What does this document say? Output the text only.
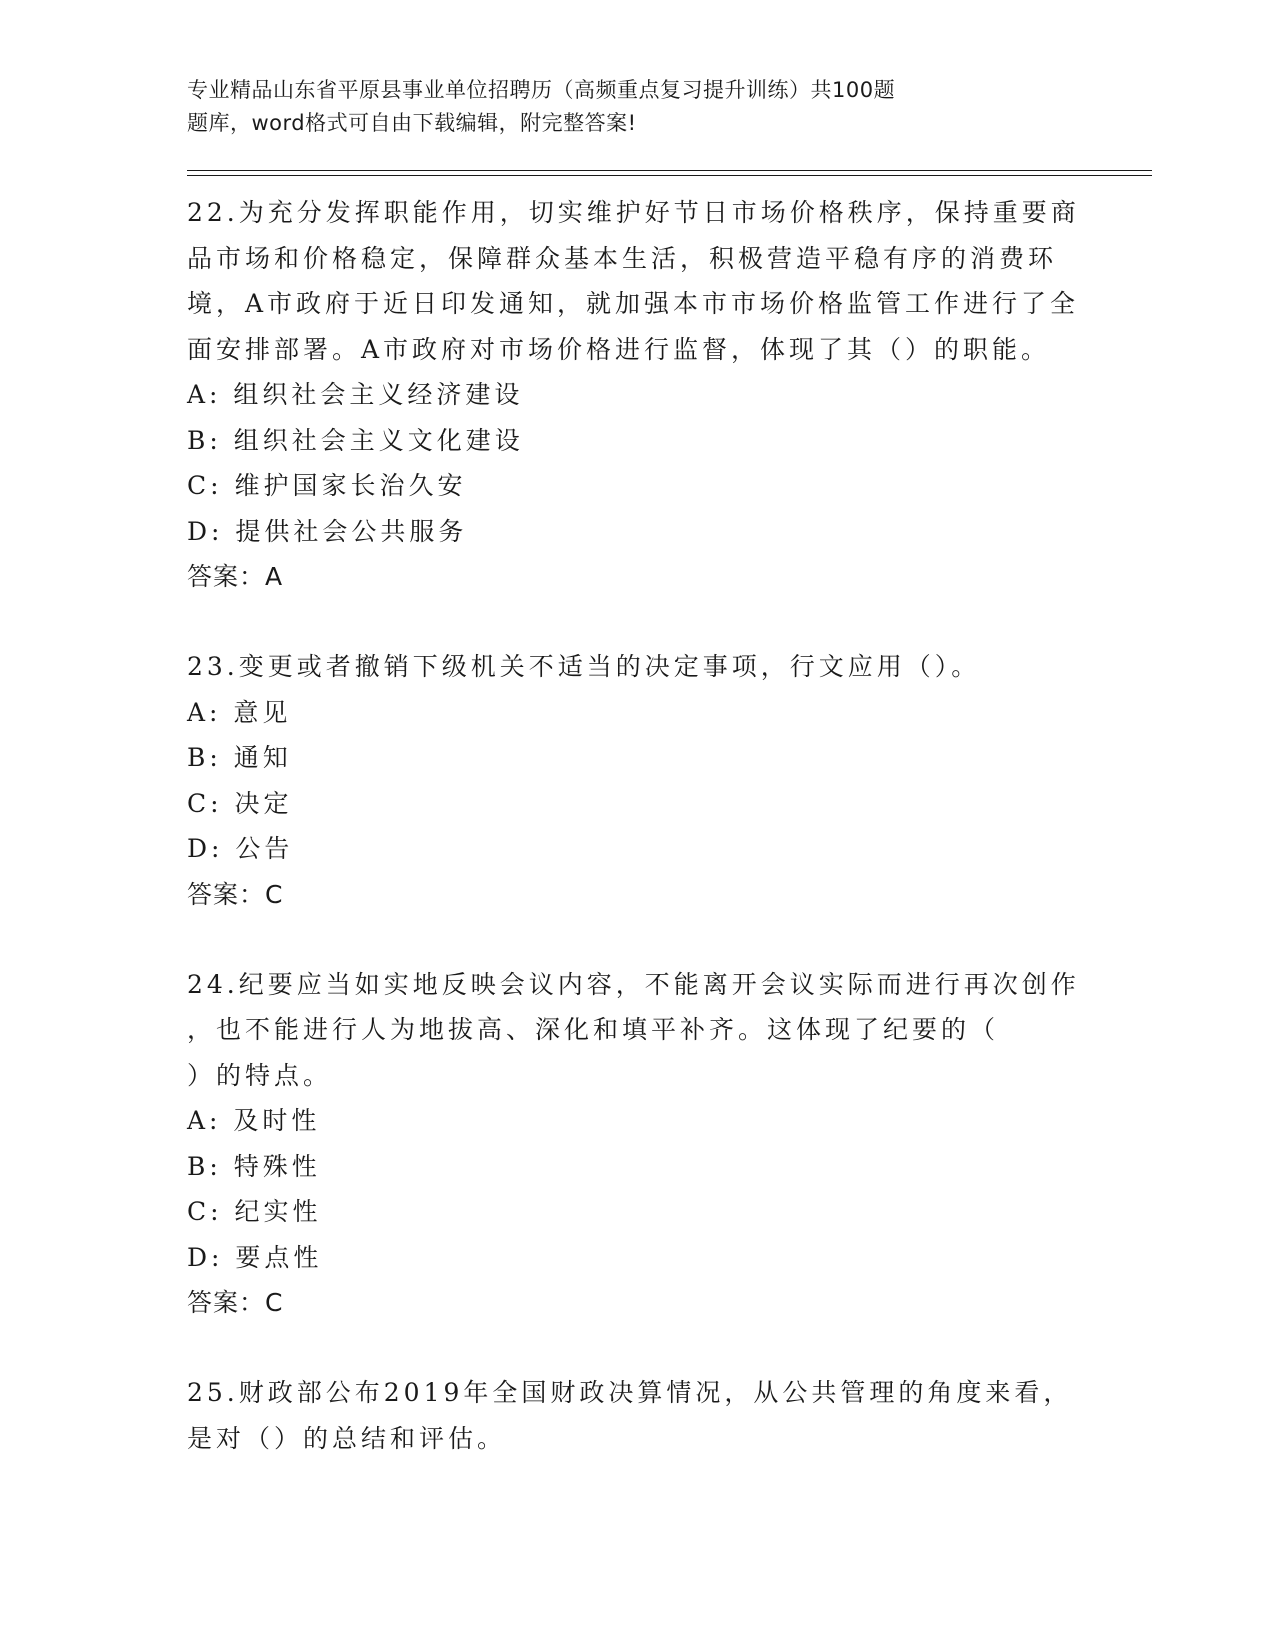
专业精品山东省平原县事业单位招聘历（高频重点复习提升训练）共100题
题库，word格式可自由下载编辑，附完整答案!
22.为充分发挥职能作用，切实维护好节日市场价格秩序，保持重要商
品市场和价格稳定，保障群众基本生活，积极营造平稳有序的消费环
境，A市政府于近日印发通知，就加强本市市场价格监管工作进行了全
面安排部署。A市政府对市场价格进行监督，体现了其（）的职能。
A: 组织社会主义经济建设
B: 组织社会主义文化建设
C: 维护国家长治久安
D: 提供社会公共服务
答案：A
23.变更或者撤销下级机关不适当的决定事项，行文应用（）。
A: 意见
B: 通知
C: 决定
D: 公告
答案：C
24.纪要应当如实地反映会议内容，不能离开会议实际而进行再次创作
，也不能进行人为地拔高、深化和填平补齐。这体现了纪要的（
）的特点。
A: 及时性
B: 特殊性
C: 纪实性
D: 要点性
答案：C
25.财政部公布2019年全国财政决算情况，从公共管理的角度来看，
是对（）的总结和评估。
